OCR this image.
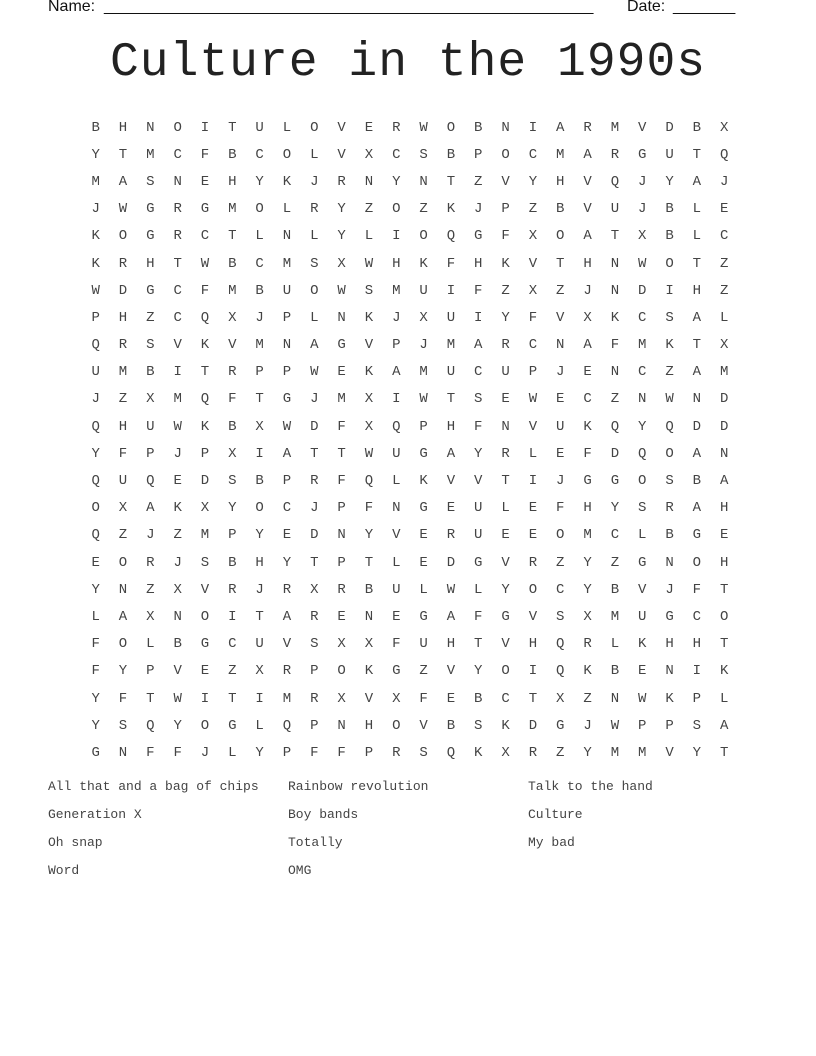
Name:

_______________________________________________________

Date:

_______

Culture in the 1990s
B	H	N	O	I	T	U	L	O	V	E	R	W	O	B	N	I	A	R	M	V	D	B	X
Y	T	M	C	F	B	C	O	L	V	X	C	S	B	P	O	C	M	A	R	G	U	T	Q
M	A	S	N	E	H	Y	K	J	R	N	Y	N	T	Z	V	Y	H	V	Q	J	Y	A	J
J	W	G	R	G	M	O	L	R	Y	Z	O	Z	K	J	P	Z	B	V	U	J	B	L	E
K	O	G	R	C	T	L	N	L	Y	L	I	O	Q	G	F	X	O	A	T	X	B	L	C
K	R	H	T	W	B	C	M	S	X	W	H	K	F	H	K	V	T	H	N	W	O	T	Z
W	D	G	C	F	M	B	U	O	W	S	M	U	I	F	Z	X	Z	J	N	D	I	H	Z
P	H	Z	C	Q	X	J	P	L	N	K	J	X	U	I	Y	F	V	X	K	C	S	A	L
Q	R	S	V	K	V	M	N	A	G	V	P	J	M	A	R	C	N	A	F	M	K	T	X
U	M	B	I	T	R	P	P	W	E	K	A	M	U	C	U	P	J	E	N	C	Z	A	M
J	Z	X	M	Q	F	T	G	J	M	X	I	W	T	S	E	W	E	C	Z	N	W	N	D
Q	H	U	W	K	B	X	W	D	F	X	Q	P	H	F	N	V	U	K	Q	Y	Q	D	D
Y	F	P	J	P	X	I	A	T	T	W	U	G	A	Y	R	L	E	F	D	Q	O	A	N
Q	U	Q	E	D	S	B	P	R	F	Q	L	K	V	V	T	I	J	G	G	O	S	B	A
O	X	A	K	X	Y	O	C	J	P	F	N	G	E	U	L	E	F	H	Y	S	R	A	H
Q	Z	J	Z	M	P	Y	E	D	N	Y	V	E	R	U	E	E	O	M	C	L	B	G	E
E	O	R	J	S	B	H	Y	T	P	T	L	E	D	G	V	R	Z	Y	Z	G	N	O	H
Y	N	Z	X	V	R	J	R	X	R	B	U	L	W	L	Y	O	C	Y	B	V	J	F	T
L	A	X	N	O	I	T	A	R	E	N	E	G	A	F	G	V	S	X	M	U	G	C	O
F	O	L	B	G	C	U	V	S	X	X	F	U	H	T	V	H	Q	R	L	K	H	H	T
F	Y	P	V	E	Z	X	R	P	O	K	G	Z	V	Y	O	I	Q	K	B	E	N	I	K
Y	F	T	W	I	T	I	M	R	X	V	X	F	E	B	C	T	X	Z	N	W	K	P	L
Y	S	Q	Y	O	G	L	Q	P	N	H	O	V	B	S	K	D	G	J	W	P	P	S	A
G	N	F	F	J	L	Y	P	F	F	P	R	S	Q	K	X	R	Z	Y	M	M	V	Y	T
All that and a bag of chips	Rainbow revolution	Talk to the hand
Generation X	Boy bands	Culture
Oh snap	Totally	My bad
Word	OMG
